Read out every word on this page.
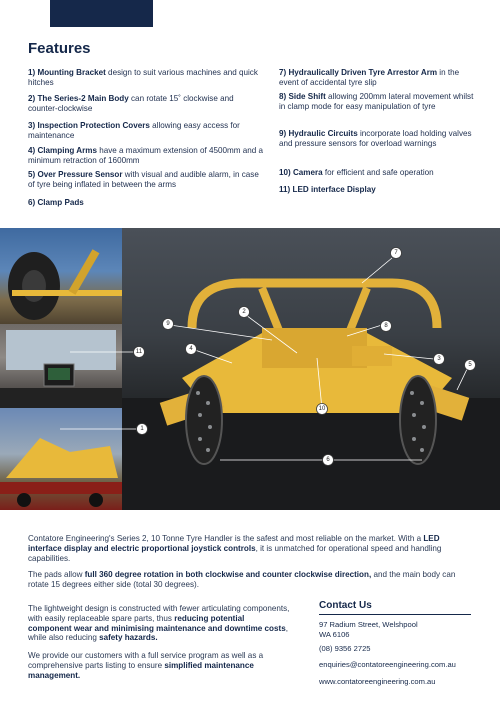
Features
1) Mounting Bracket design to suit various machines and quick hitches
2) The Series-2 Main Body can rotate 15˚ clockwise and counter-clockwise
3) Inspection Protection Covers allowing easy access for maintenance
4) Clamping Arms have a maximum extension of 4500mm and a minimum retraction of 1600mm
5) Over Pressure Sensor with visual and audible alarm, in case of tyre being inflated in between the arms
6) Clamp Pads
7) Hydraulically Driven Tyre Arrestor Arm in the event of accidental tyre slip
8) Side Shift allowing 200mm lateral movement whilst in clamp mode for easy manipulation of tyre
9) Hydraulic Circuits incorporate load holding valves and pressure sensors for overload warnings
10) Camera for efficient and safe operation
11) LED interface Display
7
9
2
8
4
3
5
10
6
11
1

Contatore Engineering's Series 2, 10 Tonne Tyre Handler is the safest and most reliable on the market. With a LED interface display and electric proportional joystick controls, it is unmatched for operational speed and handling capabilities.

The pads allow full 360 degree rotation in both clockwise and counter clockwise direction, and the main body can rotate 15 degrees either side (total 30 degrees).

The lightweight design is constructed with fewer articulating components, with easily replaceable spare parts, thus reducing potential component wear and minimising maintenance and downtime costs, while also reducing safety hazards.

We provide our customers with a full service program as well as a comprehensive parts listing to ensure simplified maintenance management.

Contact Us
97 Radium Street, Welshpool
WA 6106
(08) 9356 2725
enquiries@contatoreengineering.com.au
www.contatoreengineering.com.au
